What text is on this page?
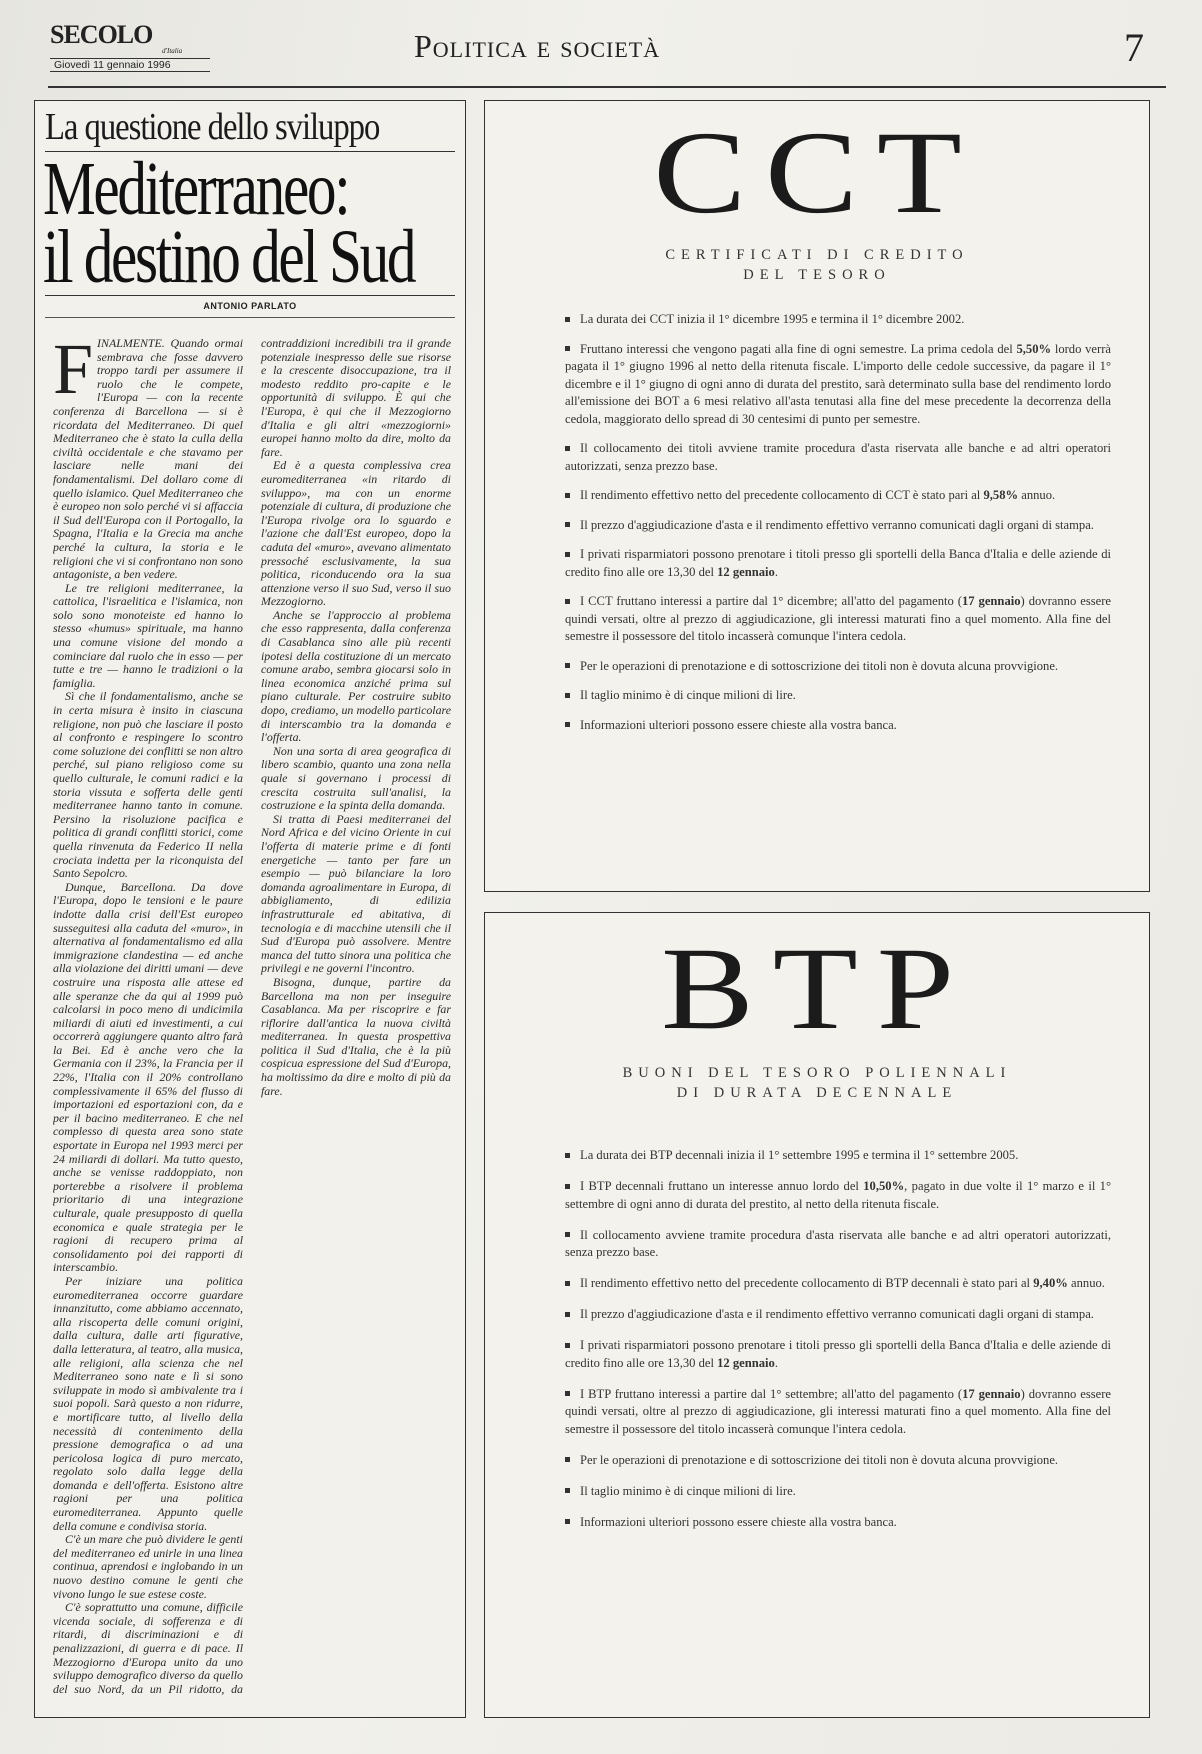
SECOLO
d'Italia
Giovedì 11 gennaio 1996
Politica e società	7
La questione dello sviluppo
Mediterraneo:
il destino del Sud
ANTONIO PARLATO

FINALMENTE. Quando ormai sembrava che fosse davvero troppo tardi per assumere il ruolo che le compete, l'Europa — con la recente conferenza di Barcellona — si è ricordata del Mediterraneo. Di quel Mediterraneo che è stato la culla della civiltà occidentale e che stavamo per lasciare nelle mani dei fondamentalismi. Del dollaro come di quello islamico. Quel Mediterraneo che è europeo non solo perché vi si affaccia il Sud dell'Europa con il Portogallo, la Spagna, l'Italia e la Grecia ma anche perché la cultura, la storia e le religioni che vi si confrontano non sono antagoniste, a ben vedere.

Le tre religioni mediterranee, la cattolica, l'israelitica e l'islamica, non solo sono monoteiste ed hanno lo stesso «humus» spirituale, ma hanno una comune visione del mondo a cominciare dal ruolo che in esso — per tutte e tre — hanno le tradizioni o la famiglia.

Sì che il fondamentalismo, anche se in certa misura è insito in ciascuna religione, non può che lasciare il posto al confronto e respingere lo scontro come soluzione dei conflitti se non altro perché, sul piano religioso come su quello culturale, le comuni radici e la storia vissuta e sofferta delle genti mediterranee hanno tanto in comune. Persino la risoluzione pacifica e politica di grandi conflitti storici, come quella rinvenuta da Federico II nella crociata indetta per la riconquista del Santo Sepolcro.

Dunque, Barcellona. Da dove l'Europa, dopo le tensioni e le paure indotte dalla crisi dell'Est europeo susseguitesi alla caduta del «muro», in alternativa al fondamentalismo ed alla immigrazione clandestina — ed anche alla violazione dei diritti umani — deve costruire una risposta alle attese ed alle speranze che da qui al 1999 può calcolarsi in poco meno di undicimila miliardi di aiuti ed investimenti, a cui occorrerà aggiungere quanto altro farà la Bei. Ed è anche vero che la Germania con il 23%, la Francia per il 22%, l'Italia con il 20% controllano complessivamente il 65% del flusso di importazioni ed esportazioni con, da e per il bacino mediterraneo. E che nel complesso di questa area sono state esportate in Europa nel 1993 merci per 24 miliardi di dollari. Ma tutto questo, anche se venisse raddoppiato, non porterebbe a risolvere il problema prioritario di una integrazione culturale, quale presupposto di quella economica e quale strategia per le ragioni di recupero prima al consolidamento poi dei rapporti di interscambio.

Per iniziare una politica euromediterranea occorre guardare innanzitutto, come abbiamo accennato, alla riscoperta delle comuni origini, dalla cultura, dalle arti figurative, dalla letteratura, al teatro, alla musica, alle religioni, alla scienza che nel Mediterraneo sono nate e lì si sono sviluppate in modo sì ambivalente tra i suoi popoli. Sarà questo a non ridurre, e mortificare tutto, al livello della necessità di contenimento della pressione demografica o ad una pericolosa logica di puro mercato, regolato solo dalla legge della domanda e dell'offerta. Esistono altre ragioni per una politica euromediterranea. Appunto quelle della comune e condivisa storia.

C'è un mare che può dividere le genti del mediterraneo ed unirle in una linea continua, aprendosi e inglobando in un nuovo destino comune le genti che vivono lungo le sue estese coste.

C'è soprattutto una comune, difficile vicenda sociale, di sofferenza e di ritardi, di discriminazioni e di penalizzazioni, di guerra e di pace. Il Mezzogiorno d'Europa unito da uno sviluppo demografico diverso da quello del suo Nord, da un Pil ridotto, da contraddizioni incredibili tra il grande potenziale inespresso delle sue risorse e la crescente disoccupazione, tra il modesto reddito pro-capite e le opportunità di sviluppo. È qui che l'Europa, è qui che il Mezzogiorno d'Italia e gli altri «mezzogiorni» europei hanno molto da dire, molto da fare.

Ed è a questa complessiva crea euromediterranea «in ritardo di sviluppo», ma con un enorme potenziale di cultura, di produzione che l'Europa rivolge ora lo sguardo e l'azione che dall'Est europeo, dopo la caduta del «muro», avevano alimentato pressoché esclusivamente, la sua politica, riconducendo ora la sua attenzione verso il suo Sud, verso il suo Mezzogiorno.

Anche se l'approccio al problema che esso rappresenta, dalla conferenza di Casablanca sino alle più recenti ipotesi della costituzione di un mercato comune arabo, sembra giocarsi solo in linea economica anziché prima sul piano culturale. Per costruire subito dopo, crediamo, un modello particolare di interscambio tra la domanda e l'offerta.

Non una sorta di area geografica di libero scambio, quanto una zona nella quale si governano i processi di crescita costruita sull'analisi, la costruzione e la spinta della domanda.

Si tratta di Paesi mediterranei del Nord Africa e del vicino Oriente in cui l'offerta di materie prime e di fonti energetiche — tanto per fare un esempio — può bilanciare la loro domanda agroalimentare in Europa, di abbigliamento, di edilizia infrastrutturale ed abitativa, di tecnologia e di macchine utensili che il Sud d'Europa può assolvere. Mentre manca del tutto sinora una politica che privilegi e ne governi l'incontro.

Bisogna, dunque, partire da Barcellona ma non per inseguire Casablanca. Ma per riscoprire e far riflorire dall'antica la nuova civiltà mediterranea. In questa prospettiva politica il Sud d'Italia, che è la più cospicua espressione del Sud d'Europa, ha moltissimo da dire e molto di più da fare.

CCT
CERTIFICATI DI CREDITO
DEL TESORO
La durata dei CCT inizia il 1° dicembre 1995 e termina il 1° dicembre 2002.
Fruttano interessi che vengono pagati alla fine di ogni semestre. La prima cedola del 5,50% lordo verrà pagata il 1° giugno 1996 al netto della ritenuta fiscale. L'importo delle cedole successive, da pagare il 1° dicembre e il 1° giugno di ogni anno di durata del prestito, sarà determinato sulla base del rendimento lordo all'emissione dei BOT a 6 mesi relativo all'asta tenutasi alla fine del mese precedente la decorrenza della cedola, maggiorato dello spread di 30 centesimi di punto per semestre.
Il collocamento dei titoli avviene tramite procedura d'asta riservata alle banche e ad altri operatori autorizzati, senza prezzo base.
Il rendimento effettivo netto del precedente collocamento di CCT è stato pari al 9,58% annuo.
Il prezzo d'aggiudicazione d'asta e il rendimento effettivo verranno comunicati dagli organi di stampa.
I privati risparmiatori possono prenotare i titoli presso gli sportelli della Banca d'Italia e delle aziende di credito fino alle ore 13,30 del 12 gennaio.
I CCT fruttano interessi a partire dal 1° dicembre; all'atto del pagamento (17 gennaio) dovranno essere quindi versati, oltre al prezzo di aggiudicazione, gli interessi maturati fino a quel momento. Alla fine del semestre il possessore del titolo incasserà comunque l'intera cedola.
Per le operazioni di prenotazione e di sottoscrizione dei titoli non è dovuta alcuna provvigione.
Il taglio minimo è di cinque milioni di lire.
Informazioni ulteriori possono essere chieste alla vostra banca.
BTP
BUONI DEL TESORO POLIENNALI
DI DURATA DECENNALE
La durata dei BTP decennali inizia il 1° settembre 1995 e termina il 1° settembre 2005.
I BTP decennali fruttano un interesse annuo lordo del 10,50%, pagato in due volte il 1° marzo e il 1° settembre di ogni anno di durata del prestito, al netto della ritenuta fiscale.
Il collocamento avviene tramite procedura d'asta riservata alle banche e ad altri operatori autorizzati, senza prezzo base.
Il rendimento effettivo netto del precedente collocamento di BTP decennali è stato pari al 9,40% annuo.
Il prezzo d'aggiudicazione d'asta e il rendimento effettivo verranno comunicati dagli organi di stampa.
I privati risparmiatori possono prenotare i titoli presso gli sportelli della Banca d'Italia e delle aziende di credito fino alle ore 13,30 del 12 gennaio.
I BTP fruttano interessi a partire dal 1° settembre; all'atto del pagamento (17 gennaio) dovranno essere quindi versati, oltre al prezzo di aggiudicazione, gli interessi maturati fino a quel momento. Alla fine del semestre il possessore del titolo incasserà comunque l'intera cedola.
Per le operazioni di prenotazione e di sottoscrizione dei titoli non è dovuta alcuna provvigione.
Il taglio minimo è di cinque milioni di lire.
Informazioni ulteriori possono essere chieste alla vostra banca.
